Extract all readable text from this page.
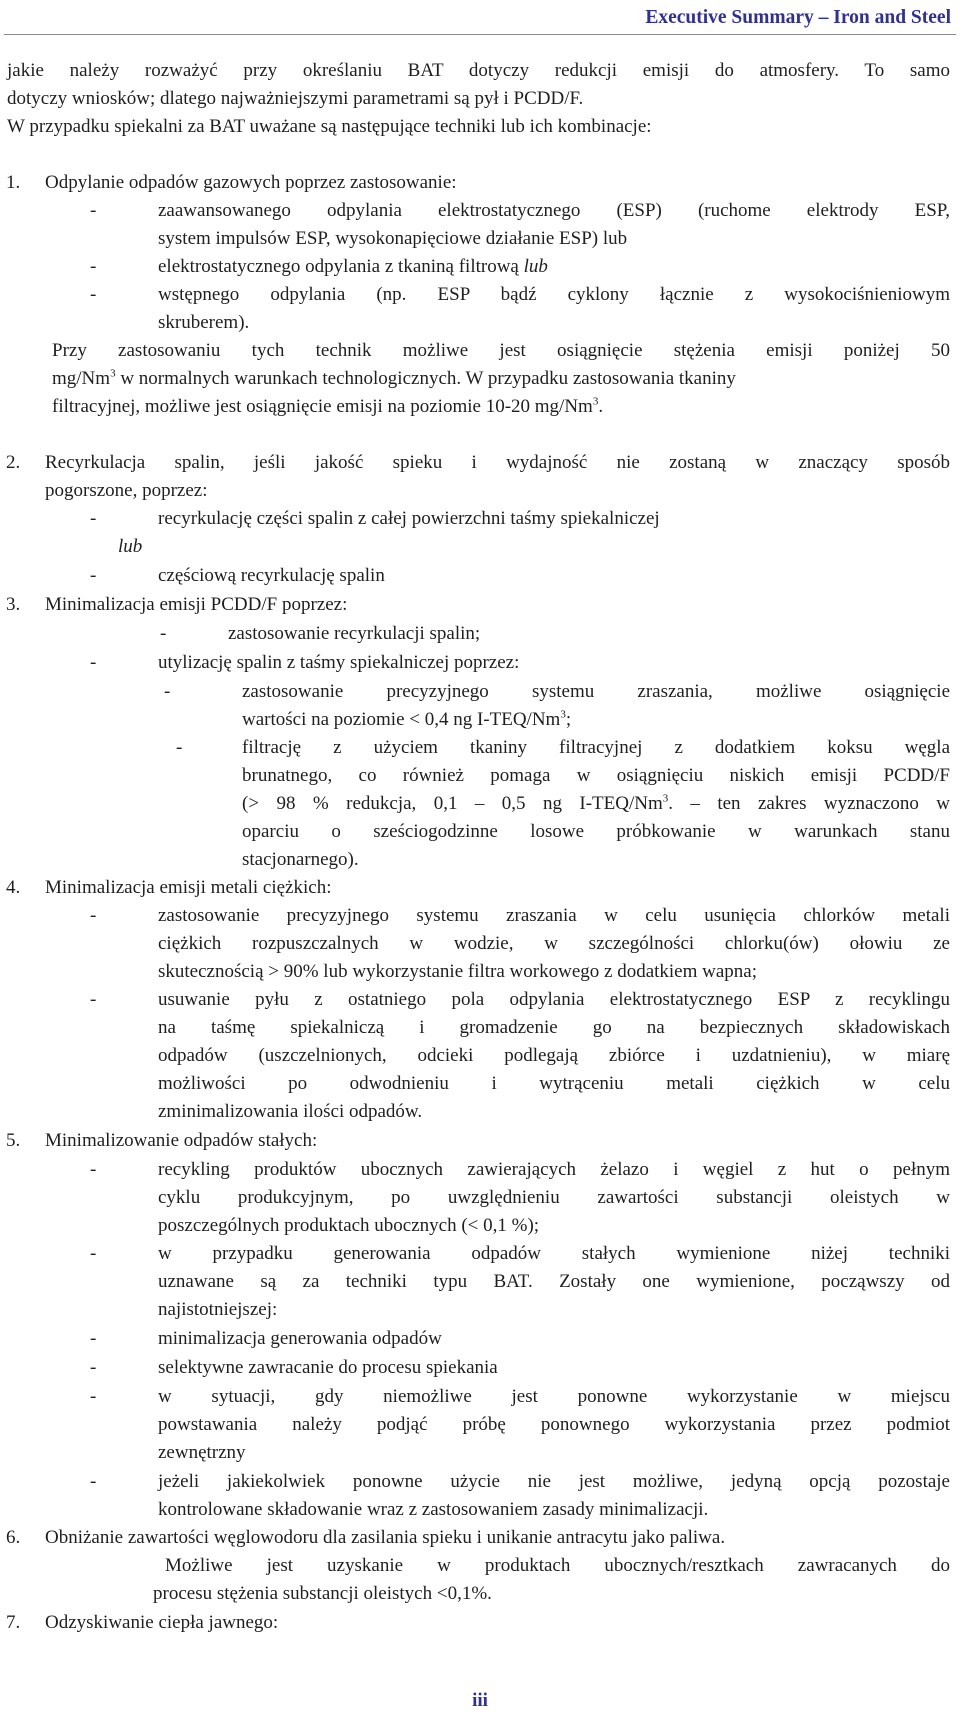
Executive Summary – Iron and Steel
jakie należy rozważyć przy określaniu BAT dotyczy redukcji emisji do atmosfery. To samo
dotyczy wniosków; dlatego najważniejszymi parametrami są pył i PCDD/F.
W przypadku spiekalni za BAT uważane są następujące techniki lub ich kombinacje:
1. Odpylanie odpadów gazowych poprzez zastosowanie:
-	zaawansowanego odpylania elektrostatycznego (ESP) (ruchome elektrody ESP,
system impulsów ESP, wysokonapięciowe działanie ESP) lub
-	elektrostatycznego odpylania z tkaniną filtrową lub
-	wstępnego odpylania (np. ESP bądź cyklony łącznie z wysokociśnieniowym
skruberem).
Przy zastosowaniu tych technik możliwe jest osiągnięcie stężenia emisji poniżej 50
mg/Nm$^3$ w normalnych warunkach technologicznych. W przypadku zastosowania tkaniny
filtracyjnej, możliwe jest osiągnięcie emisji na poziomie 10-20 mg/Nm$^3$.
2. Recyrkulacja spalin, jeśli jakość spieku i wydajność nie zostaną w znaczący sposób
pogorszone, poprzez:
-	recyrkulację części spalin z całej powierzchni taśmy spiekalniczej
lub
-	częściową recyrkulację spalin
3. Minimalizacja emisji PCDD/F poprzez:
-	zastosowanie recyrkulacji spalin;
-	utylizację spalin z taśmy spiekalniczej poprzez:
-	zastosowanie precyzyjnego systemu zraszania, możliwe osiągnięcie
wartości na poziomie < 0,4 ng I-TEQ/Nm$^3$;
-	filtrację z użyciem tkaniny filtracyjnej z dodatkiem koksu węgla
brunatnego, co również pomaga w osiągnięciu niskich emisji PCDD/F
(> 98 % redukcja, 0,1 – 0,5 ng I-TEQ/Nm$^3$. – ten zakres wyznaczono w
oparciu o sześciogodzinne losowe próbkowanie w warunkach stanu
stacjonarnego).
4. Minimalizacja emisji metali ciężkich:
-	zastosowanie precyzyjnego systemu zraszania w celu usunięcia chlorków metali
ciężkich rozpuszczalnych w wodzie, w szczególności chlorku(ów) ołowiu ze
skutecznością > 90% lub wykorzystanie filtra workowego z dodatkiem wapna;
-	usuwanie pyłu z ostatniego pola odpylania elektrostatycznego ESP z recyklingu
na taśmę spiekalniczą i gromadzenie go na bezpiecznych składowiskach
odpadów (uszczelnionych, odcieki podlegają zbiórce i uzdatnieniu), w miarę
możliwości po odwodnieniu i wytrąceniu metali ciężkich w celu
zminimalizowania ilości odpadów.
5. Minimalizowanie odpadów stałych:
-	recykling produktów ubocznych zawierających żelazo i węgiel z hut o pełnym
cyklu produkcyjnym, po uwzględnieniu zawartości substancji oleistych w
poszczególnych produktach ubocznych (< 0,1 %);
-	w przypadku generowania odpadów stałych wymienione niżej techniki
uznawane są za techniki typu BAT. Zostały one wymienione, począwszy od
najistotniejszej:
-	minimalizacja generowania odpadów
-	selektywne zawracanie do procesu spiekania
-	w sytuacji, gdy niemożliwe jest ponowne wykorzystanie w miejscu
powstawania należy podjąć próbę ponownego wykorzystania przez podmiot
zewnętrzny
-	jeżeli jakiekolwiek ponowne użycie nie jest możliwe, jedyną opcją pozostaje
kontrolowane składowanie wraz z zastosowaniem zasady minimalizacji.
6. Obniżanie zawartości węglowodoru dla zasilania spieku i unikanie antracytu jako paliwa.
Możliwe jest uzyskanie w produktach ubocznych/resztkach zawracanych do
procesu stężenia substancji oleistych <0,1%.
7. Odzyskiwanie ciepła jawnego:
iii
